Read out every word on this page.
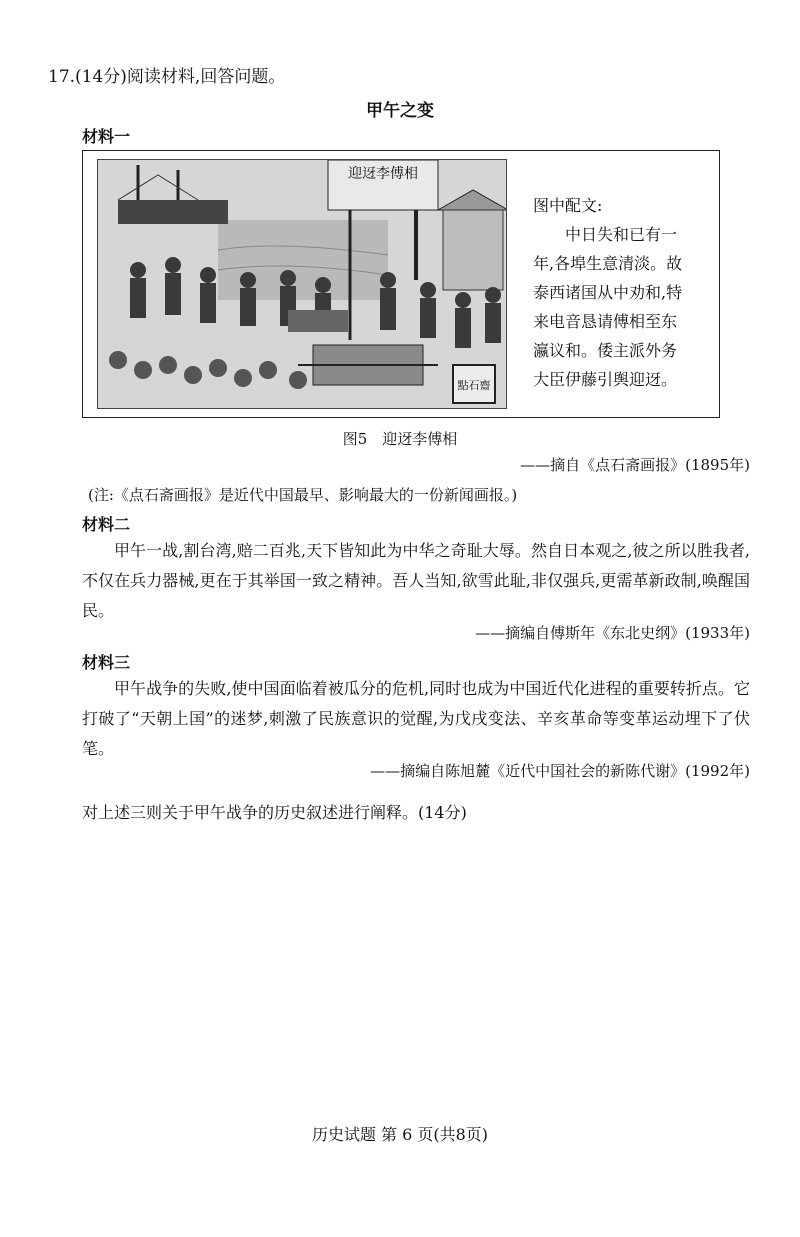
17.(14分)阅读材料,回答问题。
甲午之变
材料一
迎迓李傅相
點石齋
图中配文:
中日失和已有一
年,各埠生意清淡。故
泰西诸国从中劝和,特
来电音恳请傅相至东
瀛议和。倭主派外务
大臣伊藤引舆迎迓。
图5　迎迓李傅相
——摘自《点石斋画报》(1895年)
(注:《点石斋画报》是近代中国最早、影响最大的一份新闻画报。)
材料二
甲午一战,割台湾,赔二百兆,天下皆知此为中华之奇耻大辱。然自日本观之,彼之所以胜我者,不仅在兵力器械,更在于其举国一致之精神。吾人当知,欲雪此耻,非仅强兵,更需革新政制,唤醒国民。
——摘编自傅斯年《东北史纲》(1933年)
材料三
甲午战争的失败,使中国面临着被瓜分的危机,同时也成为中国近代化进程的重要转折点。它打破了“天朝上国”的迷梦,刺激了民族意识的觉醒,为戊戌变法、辛亥革命等变革运动埋下了伏笔。
——摘编自陈旭麓《近代中国社会的新陈代谢》(1992年)
对上述三则关于甲午战争的历史叙述进行阐释。(14分)
历史试题 第 6 页(共8页)
